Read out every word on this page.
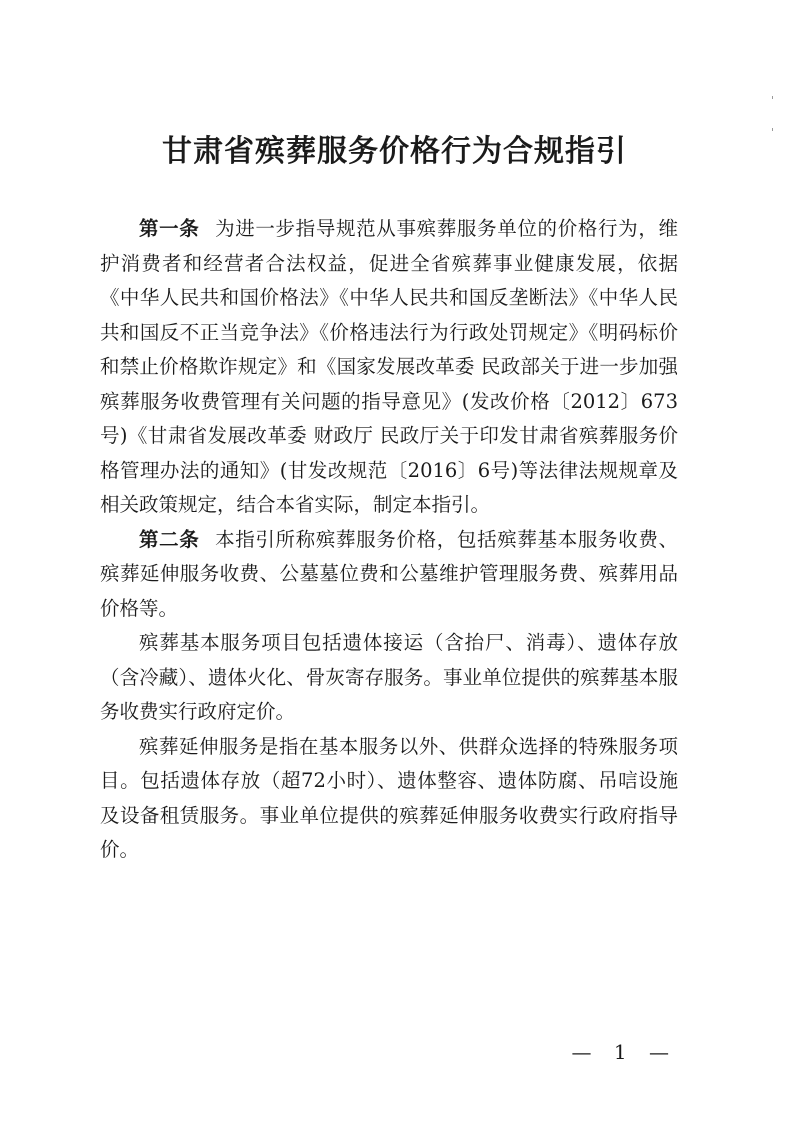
甘肃省殡葬服务价格行为合规指引

第一条 为进一步指导规范从事殡葬服务单位的价格行为，维护消费者和经营者合法权益，促进全省殡葬事业健康发展，依据《中华人民共和国价格法》《中华人民共和国反垄断法》《中华人民共和国反不正当竞争法》《价格违法行为行政处罚规定》《明码标价和禁止价格欺诈规定》和《国家发展改革委 民政部关于进一步加强殡葬服务收费管理有关问题的指导意见》(发改价格〔2012〕673号)《甘肃省发展改革委 财政厅 民政厅关于印发甘肃省殡葬服务价格管理办法的通知》(甘发改规范〔2016〕6号)等法律法规规章及相关政策规定，结合本省实际，制定本指引。

第二条 本指引所称殡葬服务价格，包括殡葬基本服务收费、殡葬延伸服务收费、公墓墓位费和公墓维护管理服务费、殡葬用品价格等。

殡葬基本服务项目包括遗体接运（含抬尸、消毒）、遗体存放（含冷藏）、遗体火化、骨灰寄存服务。事业单位提供的殡葬基本服务收费实行政府定价。

殡葬延伸服务是指在基本服务以外、供群众选择的特殊服务项目。包括遗体存放（超72小时）、遗体整容、遗体防腐、吊唁设施及设备租赁服务。事业单位提供的殡葬延伸服务收费实行政府指导价。

— 1 —
